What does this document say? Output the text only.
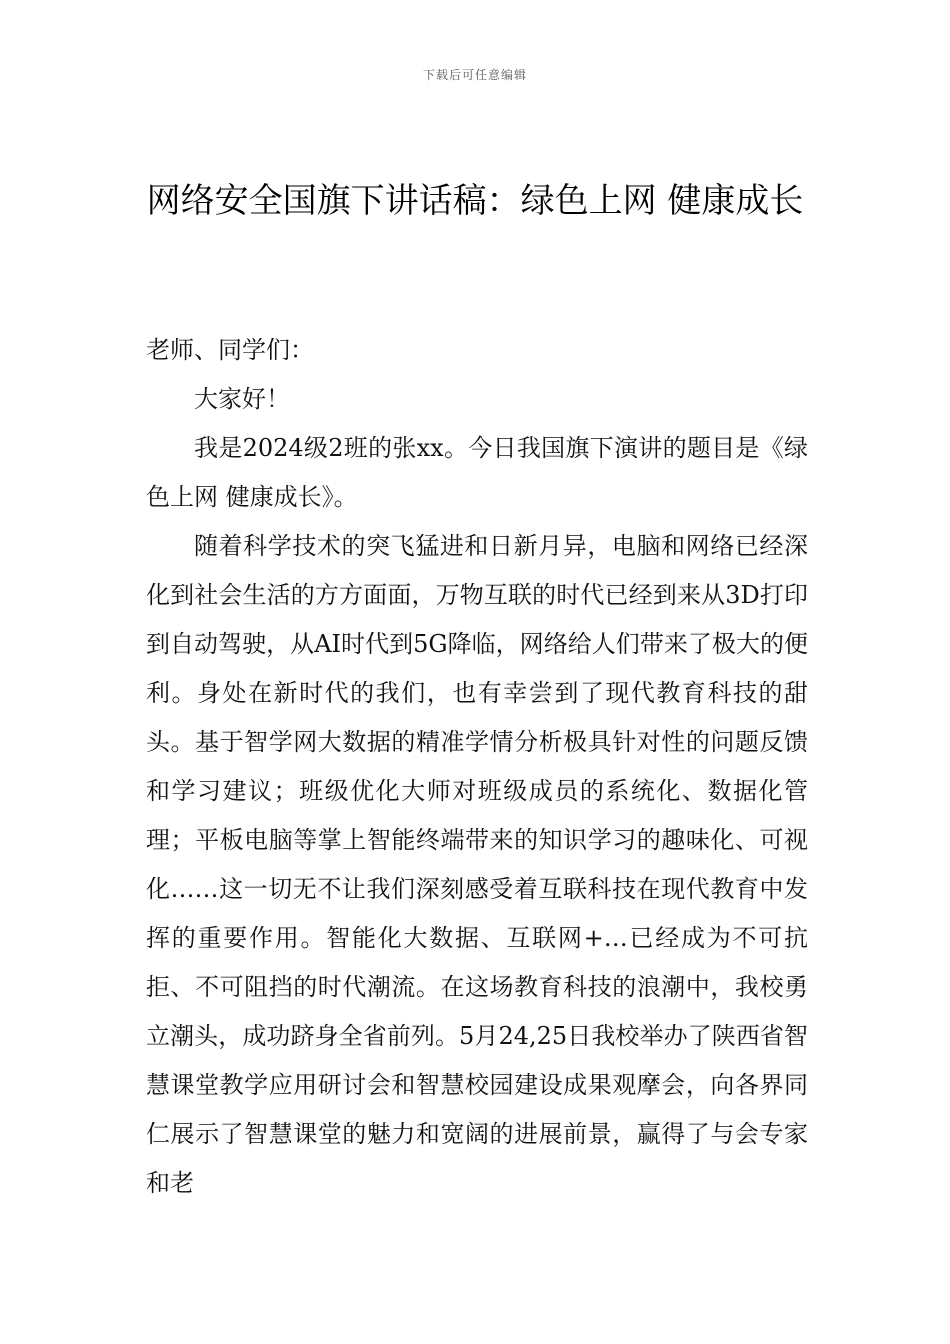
下载后可任意编辑
网络安全国旗下讲话稿：绿色上网 健康成长

老师、同学们：

大家好！

我是2024级2班的张xx。今日我国旗下演讲的题目是《绿色上网 健康成长》。

随着科学技术的突飞猛进和日新月异，电脑和网络已经深化到社会生活的方方面面，万物互联的时代已经到来从3D打印到自动驾驶，从AI时代到5G降临，网络给人们带来了极大的便利。身处在新时代的我们，也有幸尝到了现代教育科技的甜头。基于智学网大数据的精准学情分析极具针对性的问题反馈和学习建议；班级优化大师对班级成员的系统化、数据化管理；平板电脑等掌上智能终端带来的知识学习的趣味化、可视化……这一切无不让我们深刻感受着互联科技在现代教育中发挥的重要作用。智能化大数据、互联网+…已经成为不可抗拒、不可阻挡的时代潮流。在这场教育科技的浪潮中，我校勇立潮头，成功跻身全省前列。5月24,25日我校举办了陕西省智慧课堂教学应用研讨会和智慧校园建设成果观摩会，向各界同仁展示了智慧课堂的魅力和宽阔的进展前景，赢得了与会专家和老
